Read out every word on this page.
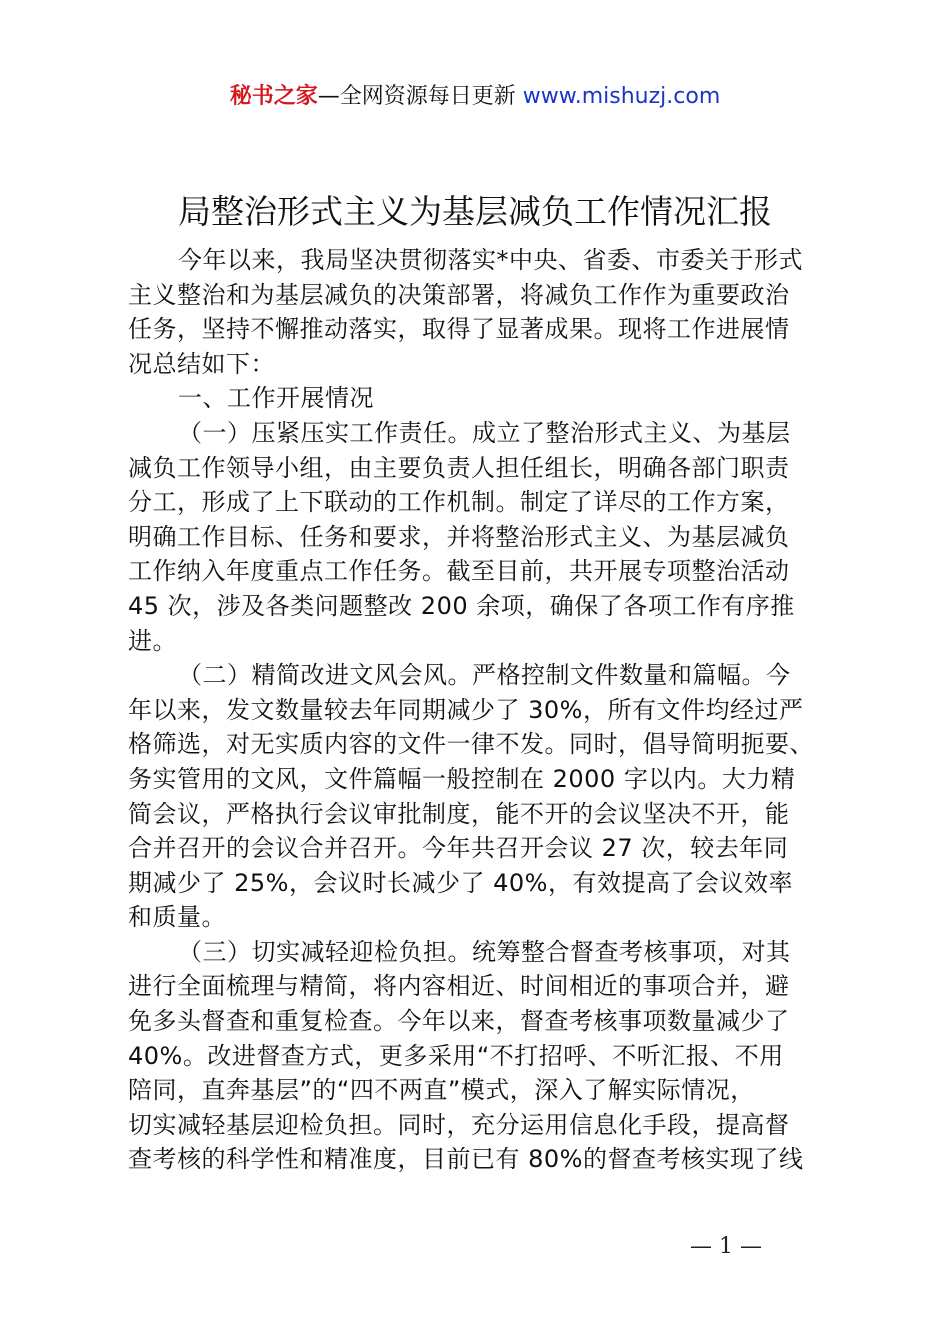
秘书之家—全网资源每日更新 www.mishuzj.com
局整治形式主义为基层减负工作情况汇报
今年以来，我局坚决贯彻落实*中央、省委、市委关于形式
主义整治和为基层减负的决策部署，将减负工作作为重要政治
任务，坚持不懈推动落实，取得了显著成果。现将工作进展情
况总结如下：
一、工作开展情况
（一）压紧压实工作责任。成立了整治形式主义、为基层
减负工作领导小组，由主要负责人担任组长，明确各部门职责
分工，形成了上下联动的工作机制。制定了详尽的工作方案，
明确工作目标、任务和要求，并将整治形式主义、为基层减负
工作纳入年度重点工作任务。截至目前，共开展专项整治活动
45 次，涉及各类问题整改 200 余项，确保了各项工作有序推
进。
（二）精简改进文风会风。严格控制文件数量和篇幅。今
年以来，发文数量较去年同期减少了 30%，所有文件均经过严
格筛选，对无实质内容的文件一律不发。同时，倡导简明扼要、
务实管用的文风，文件篇幅一般控制在 2000 字以内。大力精
简会议，严格执行会议审批制度，能不开的会议坚决不开，能
合并召开的会议合并召开。今年共召开会议 27 次，较去年同
期减少了 25%，会议时长减少了 40%，有效提高了会议效率
和质量。
（三）切实减轻迎检负担。统筹整合督查考核事项，对其
进行全面梳理与精简，将内容相近、时间相近的事项合并，避
免多头督查和重复检查。今年以来，督查考核事项数量减少了
40%。改进督查方式，更多采用“不打招呼、不听汇报、不用
陪同，直奔基层”的“四不两直”模式，深入了解实际情况，
切实减轻基层迎检负担。同时，充分运用信息化手段，提高督
查考核的科学性和精准度，目前已有 80%的督查考核实现了线
— 1 —
